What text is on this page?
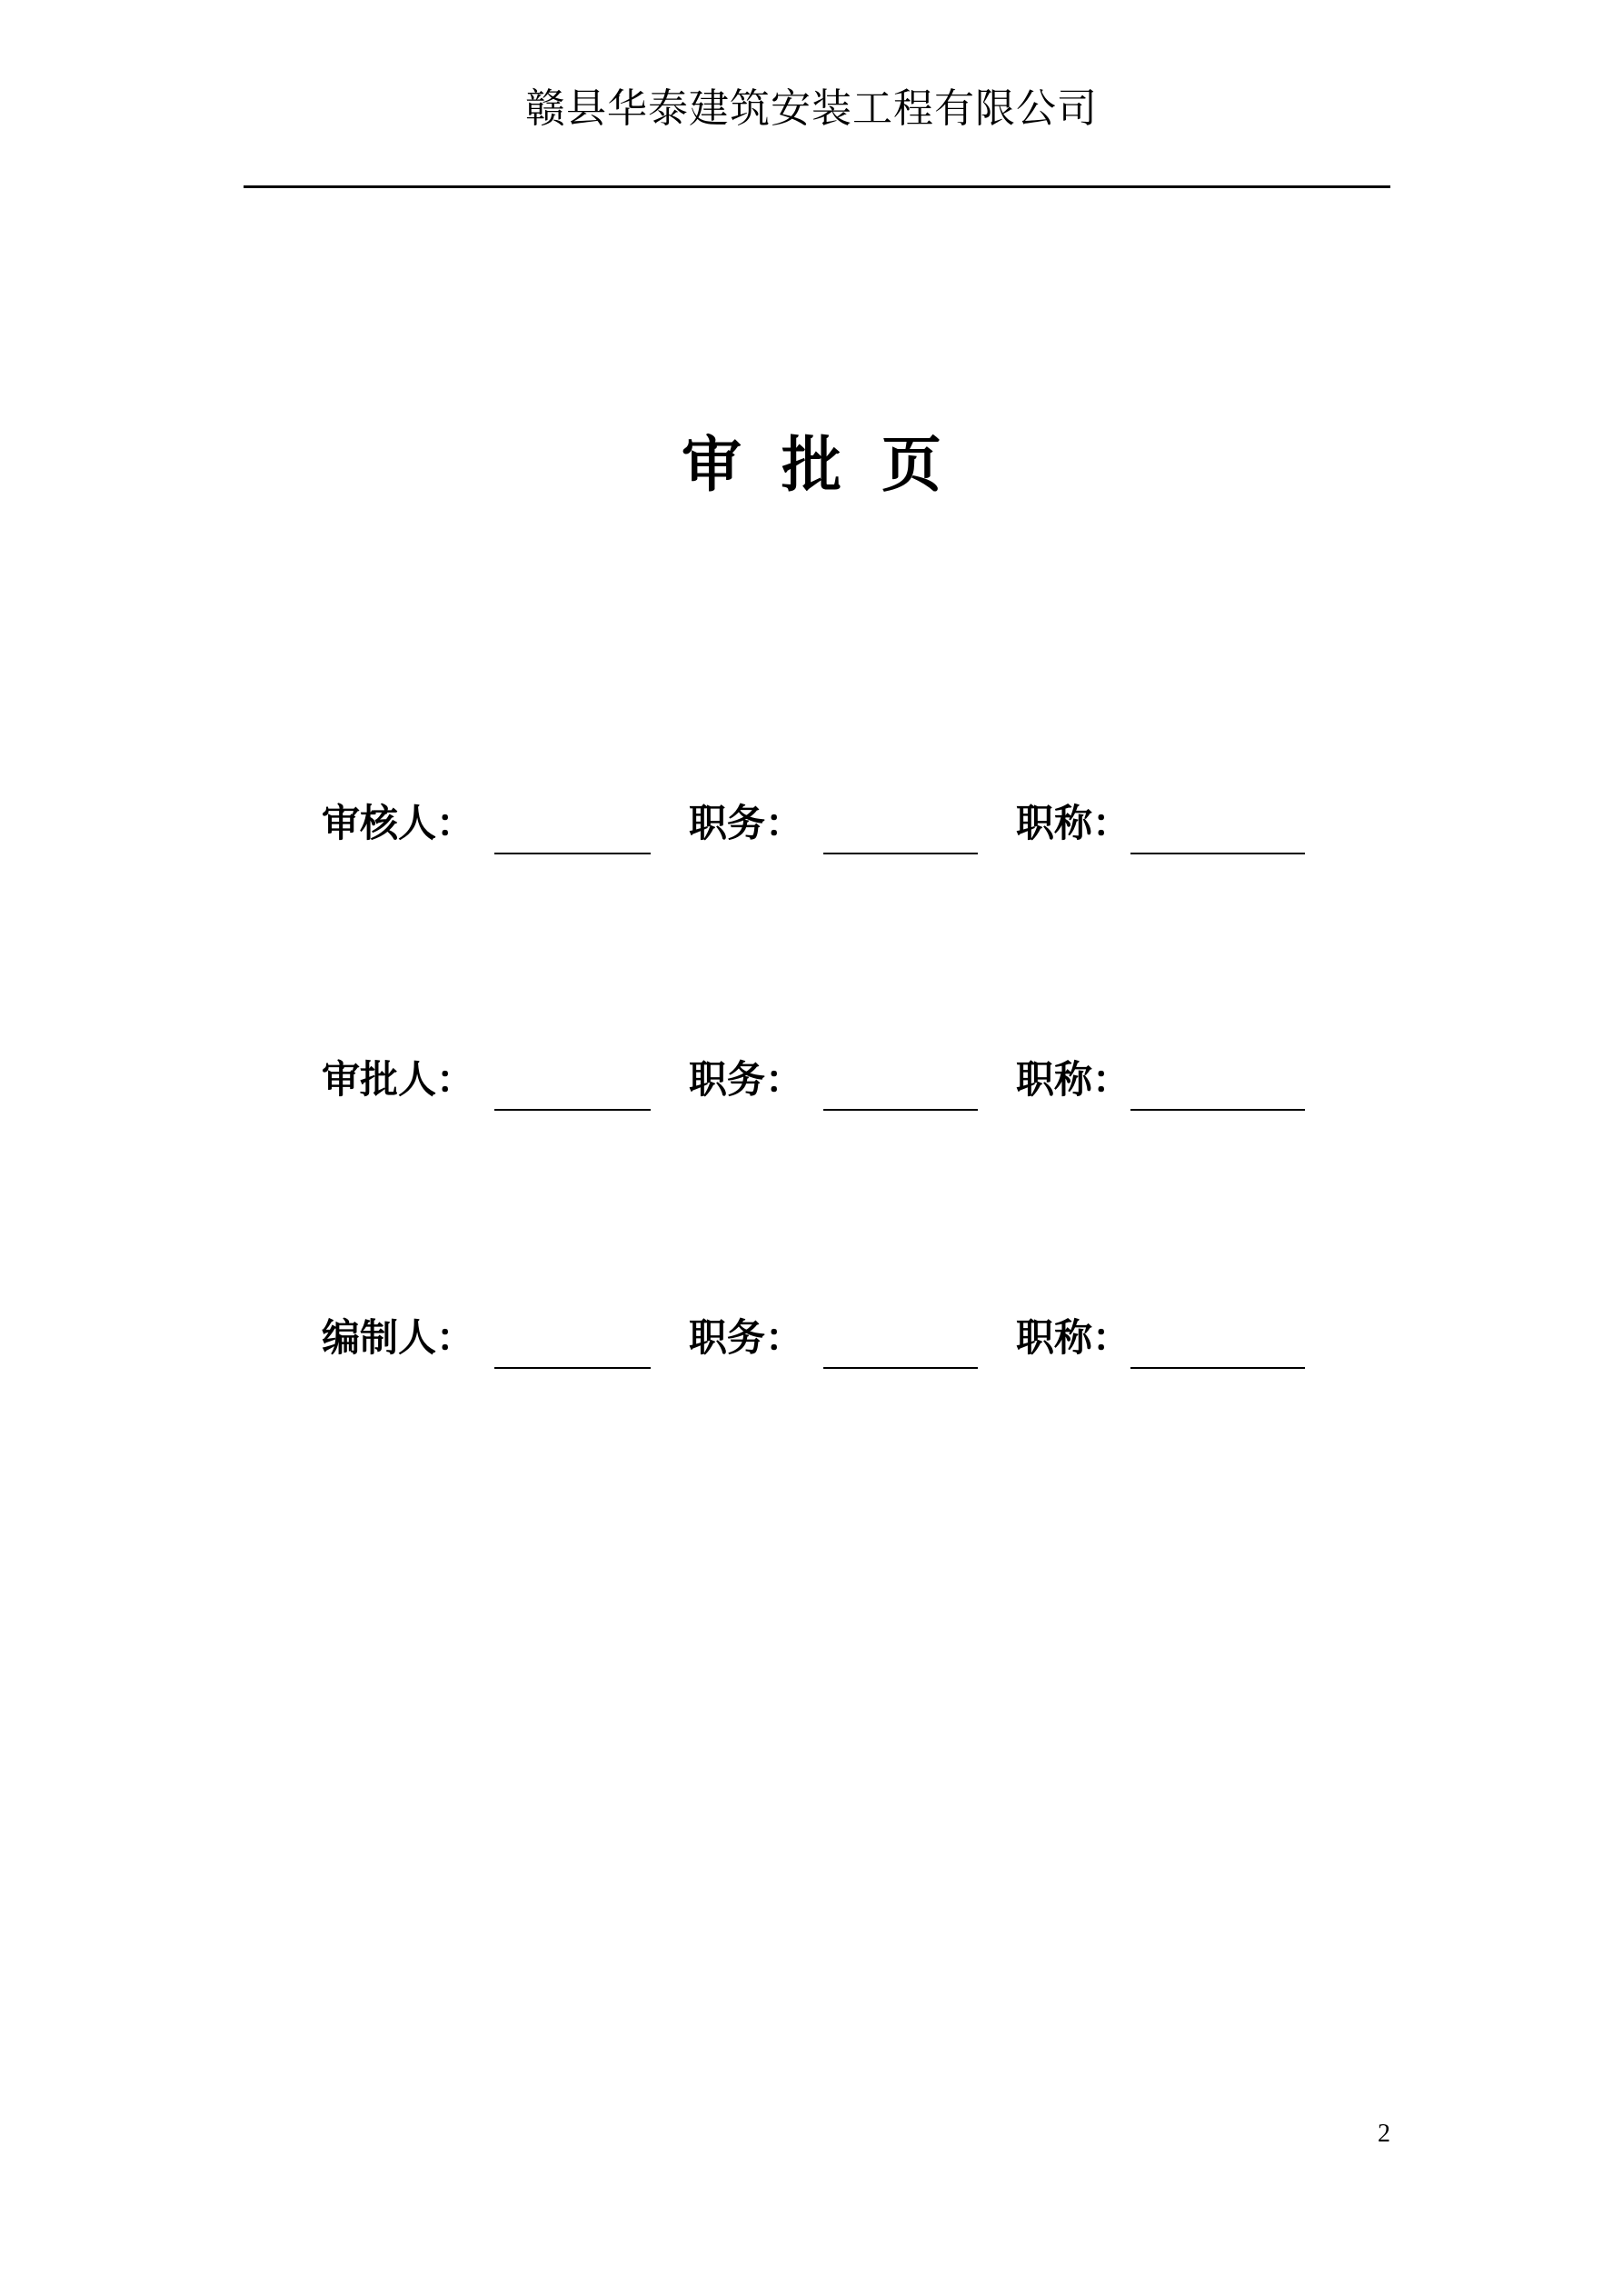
赣县华泰建筑安装工程有限公司
审批页
审核人：	职务：	职称：
审批人：	职务：	职称：
编制人：	职务：	职称：
2
